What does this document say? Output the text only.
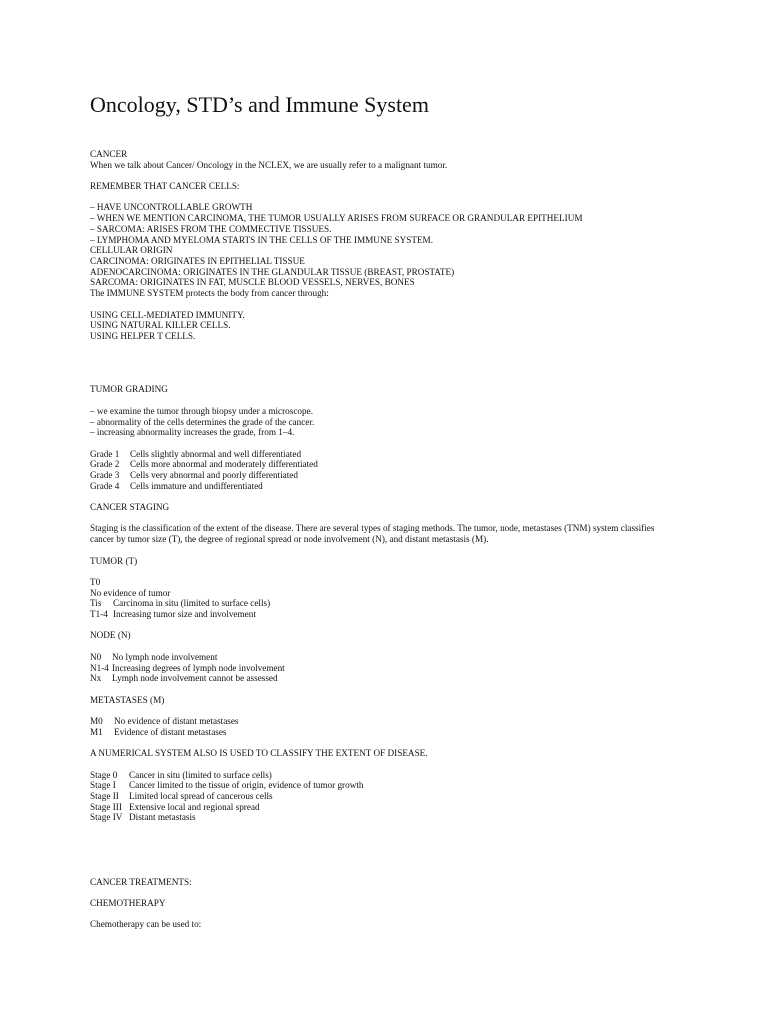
Oncology, STD’s and Immune System
CANCER
When we talk about Cancer/ Oncology in the NCLEX, we are usually refer to a malignant tumor.
REMEMBER THAT CANCER CELLS:
– HAVE UNCONTROLLABLE GROWTH
– WHEN WE MENTION CARCINOMA, THE TUMOR USUALLY ARISES FROM SURFACE OR GRANDULAR EPITHELIUM
– SARCOMA: ARISES FROM THE COMMECTIVE TISSUES.
– LYMPHOMA AND MYELOMA STARTS IN THE CELLS OF THE IMMUNE SYSTEM.
CELLULAR ORIGIN
CARCINOMA: ORIGINATES IN EPITHELIAL TISSUE
ADENOCARCINOMA: ORIGINATES IN THE GLANDULAR TISSUE (BREAST, PROSTATE)
SARCOMA: ORIGINATES IN FAT, MUSCLE BLOOD VESSELS, NERVES, BONES
The IMMUNE SYSTEM protects the body from cancer through:
USING CELL-MEDIATED IMMUNITY.
USING NATURAL KILLER CELLS.
USING HELPER T CELLS.
TUMOR GRADING
– we examine the tumor through biopsy under a microscope.
– abnormality of the cells determines the grade of the cancer.
– increasing abnormality increases the grade, from 1–4.
Grade 1 Cells slightly abnormal and well differentiated
Grade 2 Cells more abnormal and moderately differentiated
Grade 3 Cells very abnormal and poorly differentiated
Grade 4 Cells immature and undifferentiated
CANCER STAGING
Staging is the classification of the extent of the disease. There are several types of staging methods. The tumor, node, metastases (TNM) system classifies cancer by tumor size (T), the degree of regional spread or node involvement (N), and distant metastasis (M).
TUMOR (T)
T0
No evidence of tumor
Tis Carcinoma in situ (limited to surface cells)
T1-4 Increasing tumor size and involvement
NODE (N)
N0 No lymph node involvement
N1-4 Increasing degrees of lymph node involvement
Nx Lymph node involvement cannot be assessed
METASTASES (M)
M0 No evidence of distant metastases
M1 Evidence of distant metastases
A NUMERICAL SYSTEM ALSO IS USED TO CLASSIFY THE EXTENT OF DISEASE.
Stage 0 Cancer in situ (limited to surface cells)
Stage I Cancer limited to the tissue of origin, evidence of tumor growth
Stage II Limited local spread of cancerous cells
Stage III Extensive local and regional spread
Stage IV Distant metastasis
CANCER TREATMENTS:
CHEMOTHERAPY
Chemotherapy can be used to:
